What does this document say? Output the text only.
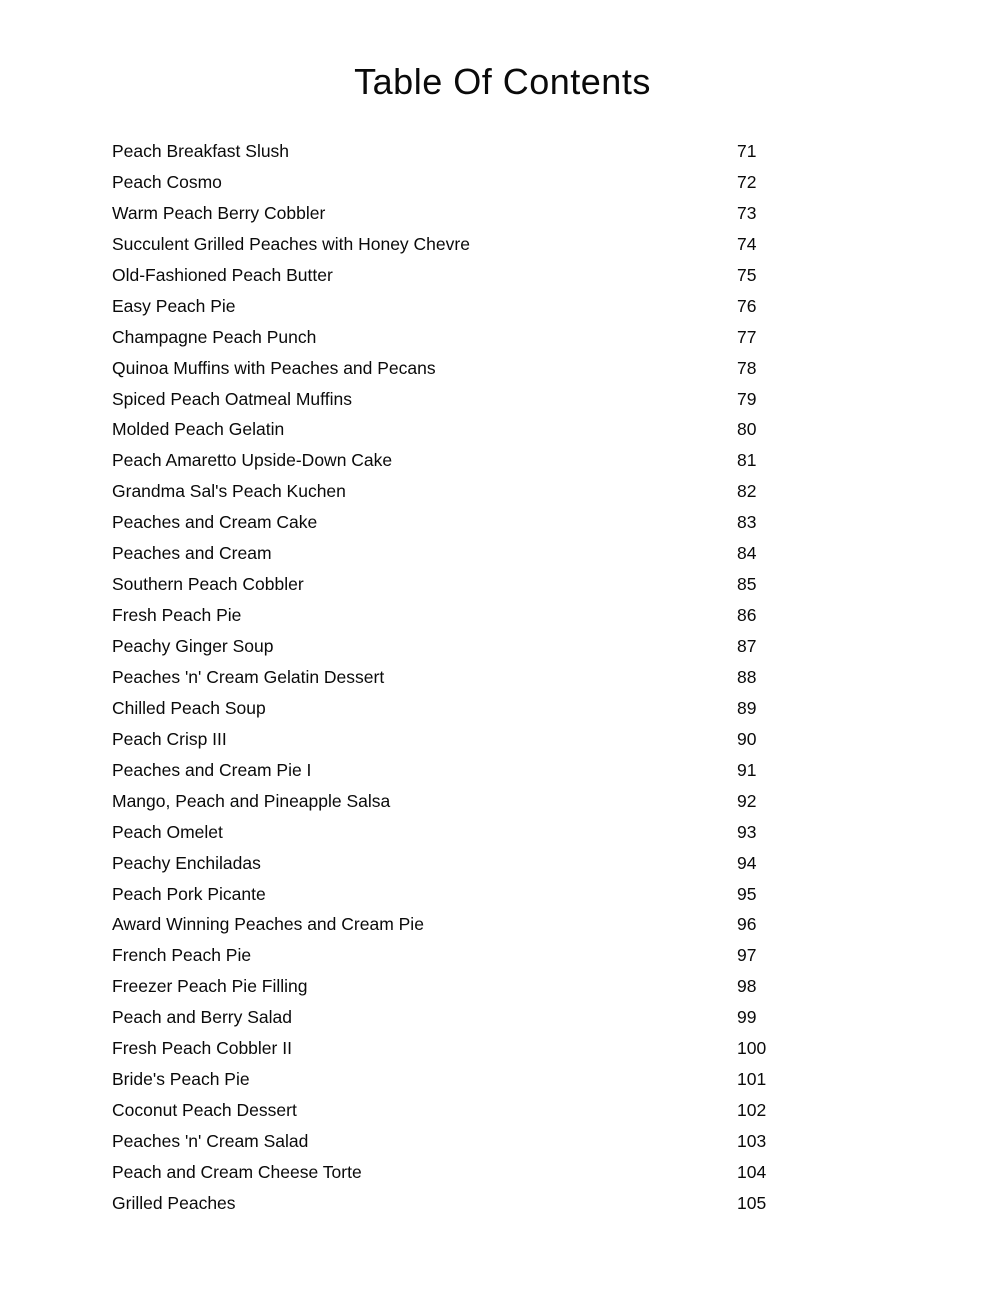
Table Of Contents
Peach Breakfast Slush	71
Peach Cosmo	72
Warm Peach Berry Cobbler	73
Succulent Grilled Peaches with Honey Chevre	74
Old-Fashioned Peach Butter	75
Easy Peach Pie	76
Champagne Peach Punch	77
Quinoa Muffins with Peaches and Pecans	78
Spiced Peach Oatmeal Muffins	79
Molded Peach Gelatin	80
Peach Amaretto Upside-Down Cake	81
Grandma Sal's Peach Kuchen	82
Peaches and Cream Cake	83
Peaches and Cream	84
Southern Peach Cobbler	85
Fresh Peach Pie	86
Peachy Ginger Soup	87
Peaches 'n' Cream Gelatin Dessert	88
Chilled Peach Soup	89
Peach Crisp III	90
Peaches and Cream Pie I	91
Mango, Peach and Pineapple Salsa	92
Peach Omelet	93
Peachy Enchiladas	94
Peach Pork Picante	95
Award Winning Peaches and Cream Pie	96
French Peach Pie	97
Freezer Peach Pie Filling	98
Peach and Berry Salad	99
Fresh Peach Cobbler II	100
Bride's Peach Pie	101
Coconut Peach Dessert	102
Peaches 'n' Cream Salad	103
Peach and Cream Cheese Torte	104
Grilled Peaches	105
